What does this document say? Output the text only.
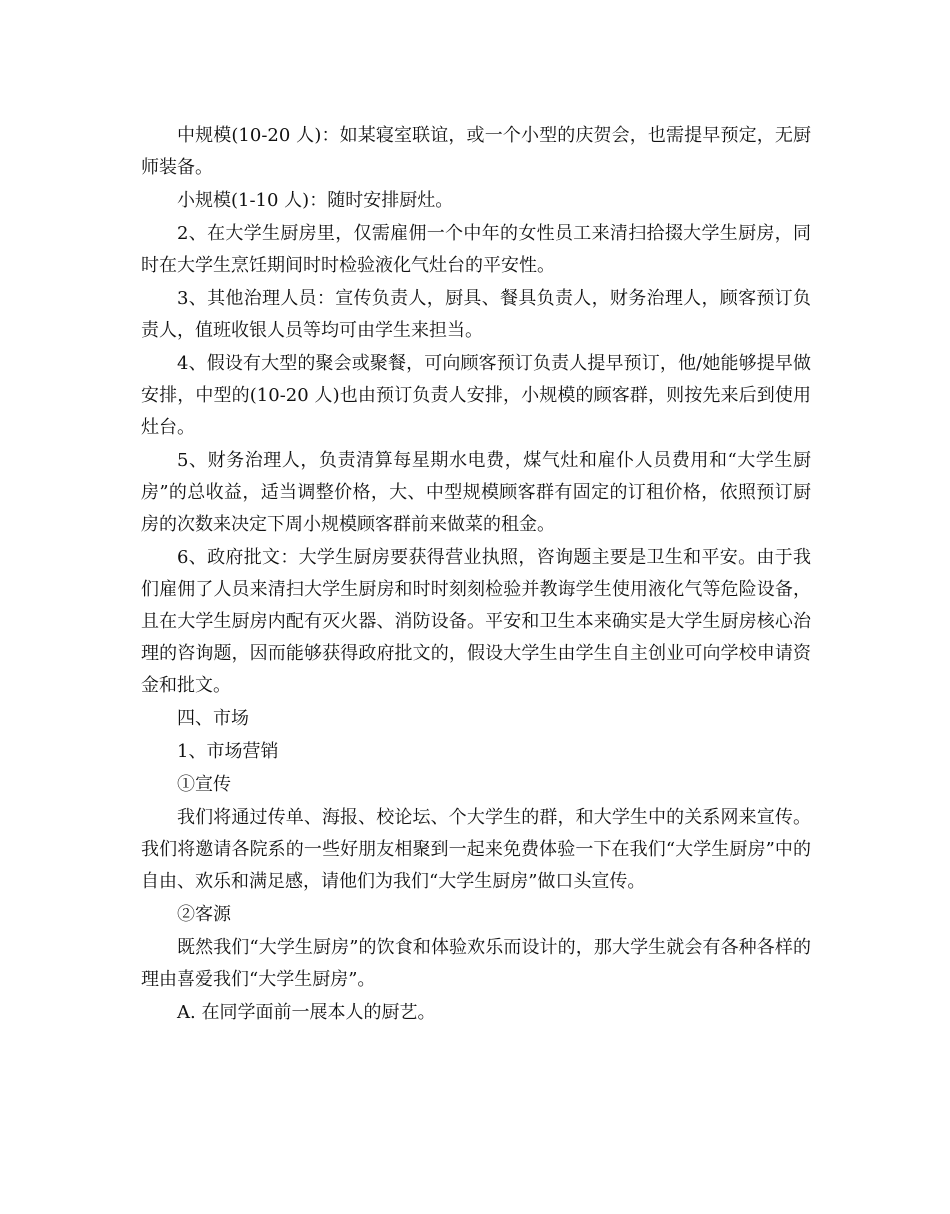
中规模(10-20 人)：如某寝室联谊，或一个小型的庆贺会，也需提早预定，无厨师装备。

小规模(1-10 人)：随时安排厨灶。

2、在大学生厨房里，仅需雇佣一个中年的女性员工来清扫拾掇大学生厨房，同时在大学生烹饪期间时时检验液化气灶台的平安性。

3、其他治理人员：宣传负责人，厨具、餐具负责人，财务治理人，顾客预订负责人，值班收银人员等均可由学生来担当。

4、假设有大型的聚会或聚餐，可向顾客预订负责人提早预订，他/她能够提早做安排，中型的(10-20 人)也由预订负责人安排，小规模的顾客群，则按先来后到使用灶台。

5、财务治理人，负责清算每星期水电费，煤气灶和雇仆人员费用和“大学生厨房”的总收益，适当调整价格，大、中型规模顾客群有固定的订租价格，依照预订厨房的次数来决定下周小规模顾客群前来做菜的租金。

6、政府批文：大学生厨房要获得营业执照，咨询题主要是卫生和平安。由于我们雇佣了人员来清扫大学生厨房和时时刻刻检验并教诲学生使用液化气等危险设备，且在大学生厨房内配有灭火器、消防设备。平安和卫生本来确实是大学生厨房核心治理的咨询题，因而能够获得政府批文的，假设大学生由学生自主创业可向学校申请资金和批文。

四、市场

1、市场营销

①宣传

我们将通过传单、海报、校论坛、个大学生的群，和大学生中的关系网来宣传。我们将邀请各院系的一些好朋友相聚到一起来免费体验一下在我们“大学生厨房”中的自由、欢乐和满足感，请他们为我们“大学生厨房”做口头宣传。

②客源

既然我们“大学生厨房”的饮食和体验欢乐而设计的，那大学生就会有各种各样的理由喜爱我们“大学生厨房”。

A. 在同学面前一展本人的厨艺。
